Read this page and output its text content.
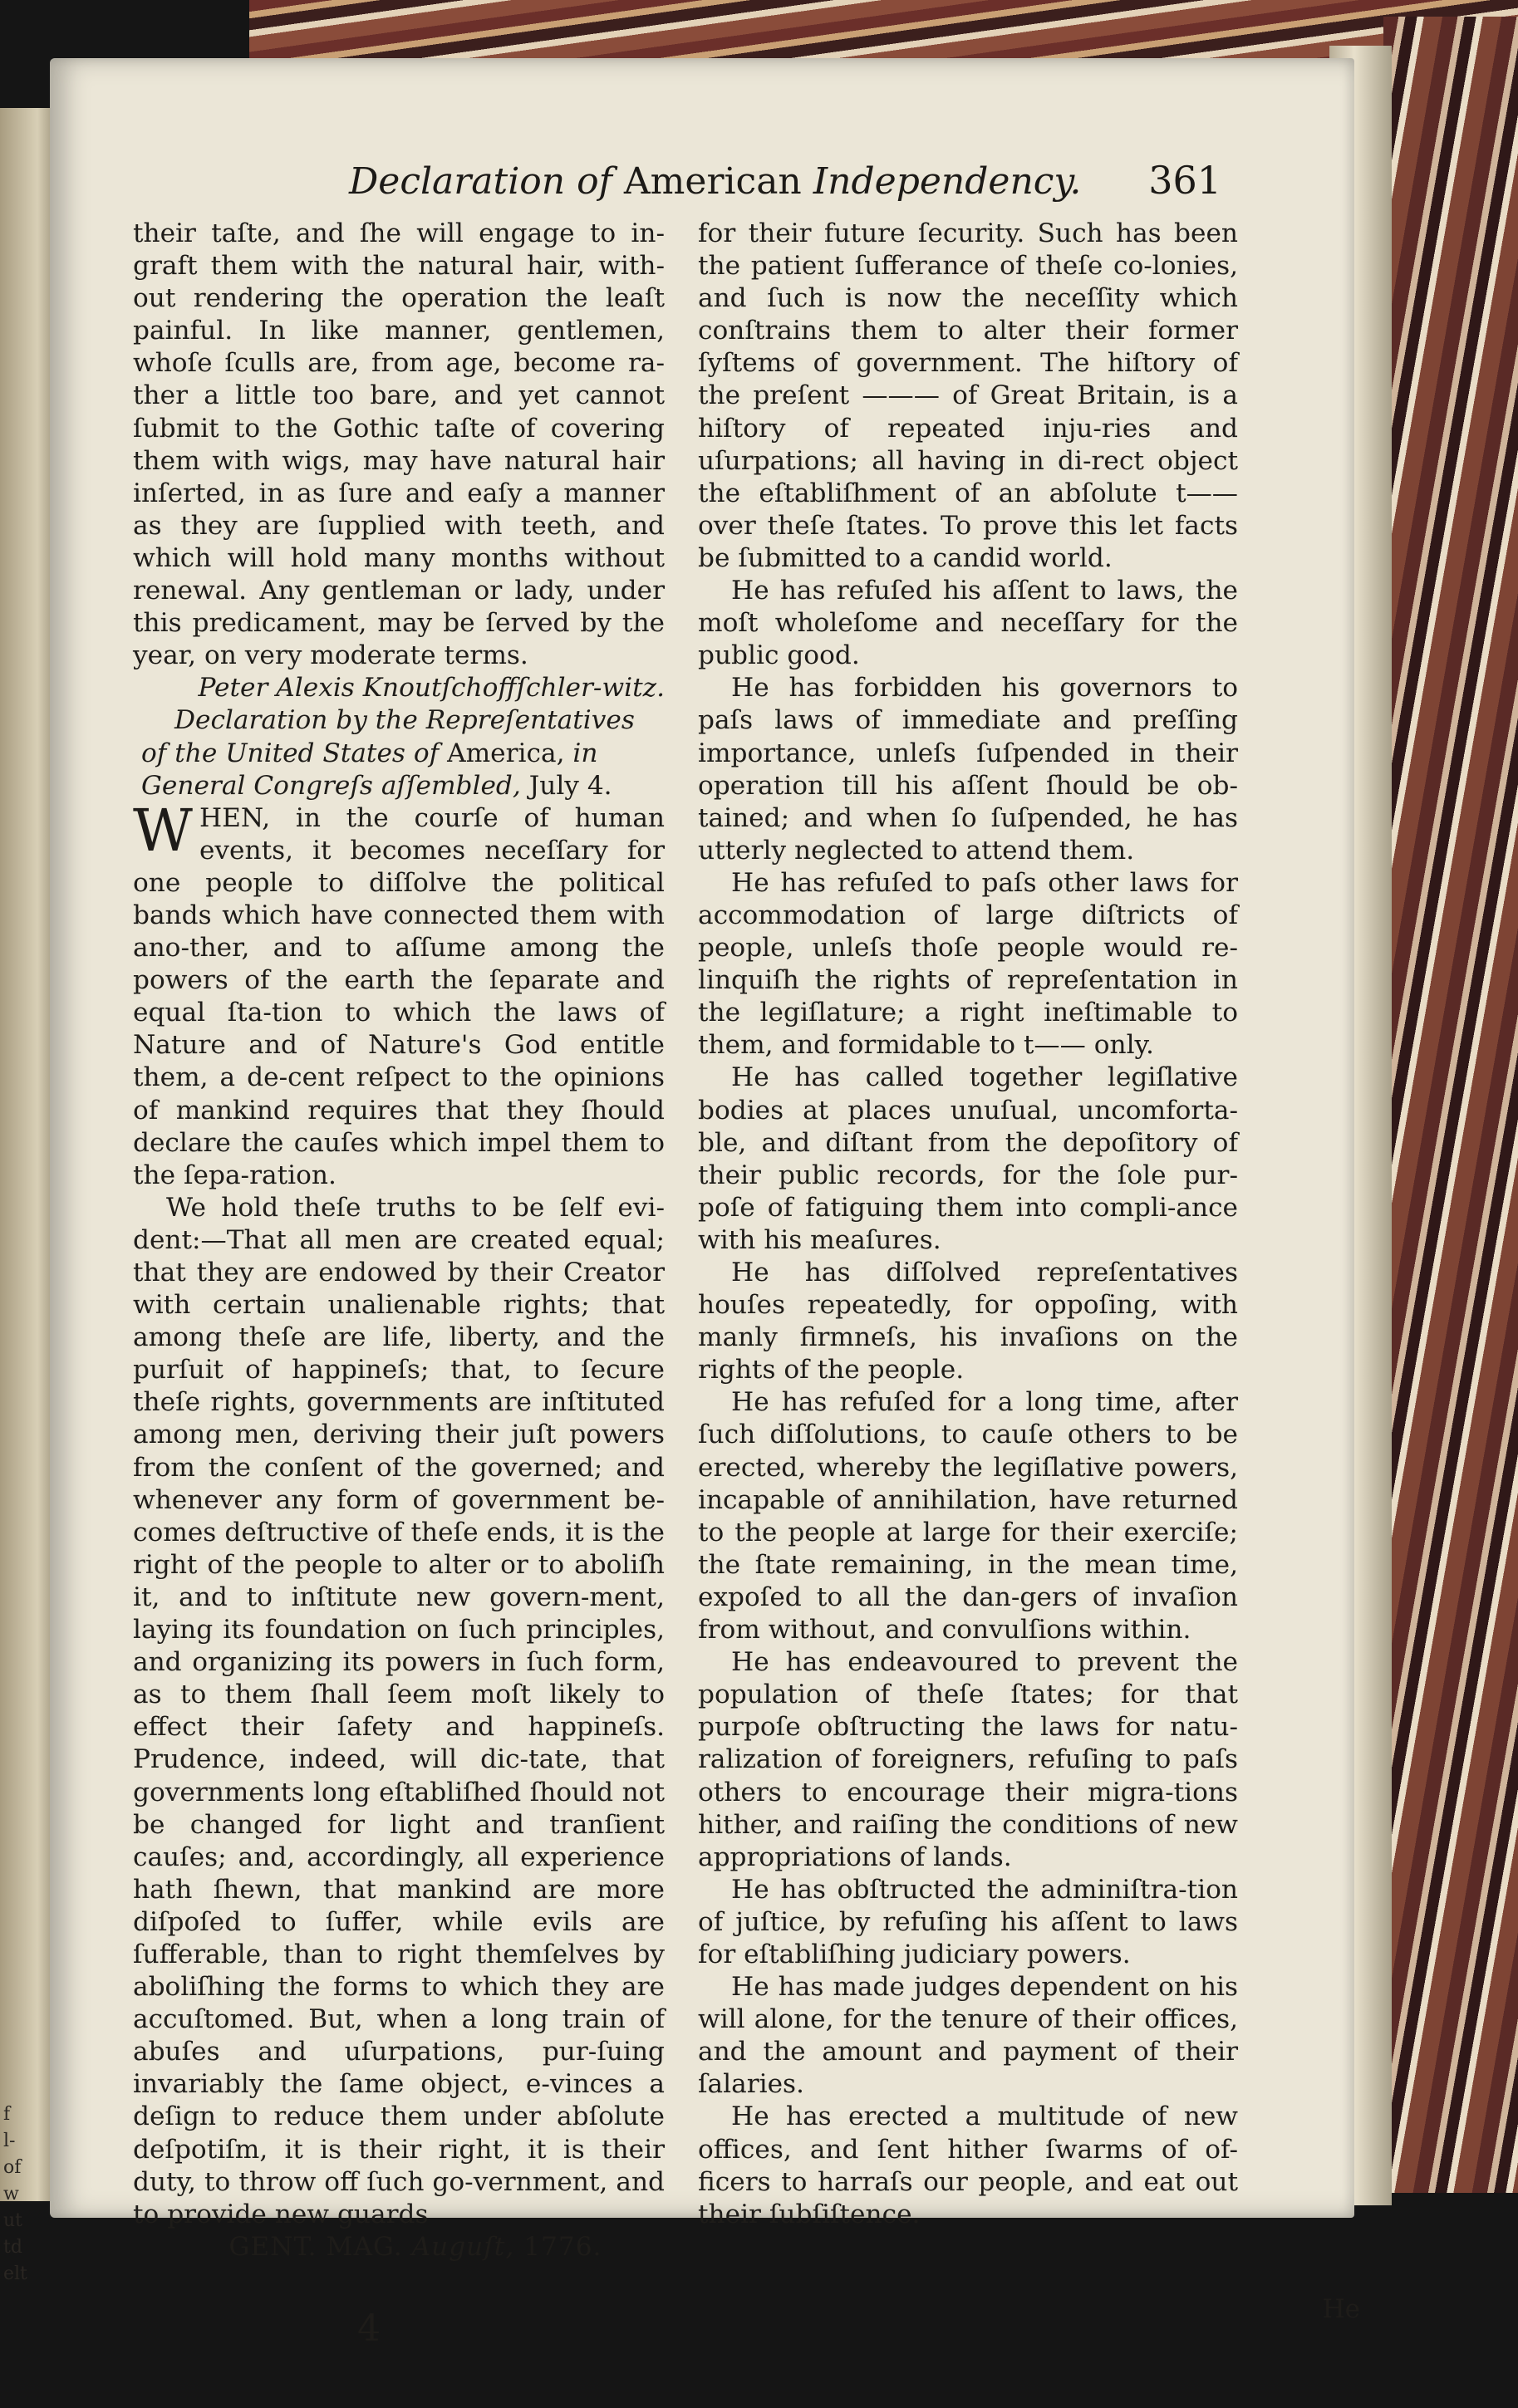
f
l-
of
w
ut
td
elt
Declaration of American Independency. 361

their taſte, and ſhe will engage to in-graft them with the natural hair, with-out rendering the operation the leaſt painful. In like manner, gentlemen, whoſe ſculls are, from age, become ra-ther a little too bare, and yet cannot ſubmit to the Gothic taſte of covering them with wigs, may have natural hair inſerted, in as ſure and eaſy a manner as they are ſupplied with teeth, and which will hold many months without renewal. Any gentleman or lady, under this predicament, may be ſerved by the year, on very moderate terms.

Peter Alexis Knoutſchoffſchler-witz.

Declaration by the Repreſentatives of the United States of America, in General Congreſs aſſembled, July 4.

WHEN, in the courſe of human events, it becomes neceſſary for one people to diſſolve the political bands which have connected them with ano-ther, and to aſſume among the powers of the earth the ſeparate and equal ſta-tion to which the laws of Nature and of Nature's God entitle them, a de-cent reſpect to the opinions of mankind requires that they ſhould declare the cauſes which impel them to the ſepa-ration.

We hold theſe truths to be ſelf evi-dent:—That all men are created equal; that they are endowed by their Creator with certain unalienable rights; that among theſe are life, liberty, and the purſuit of happineſs; that, to ſecure theſe rights, governments are inſtituted among men, deriving their juſt powers from the conſent of the governed; and whenever any form of government be-comes deſtructive of theſe ends, it is the right of the people to alter or to aboliſh it, and to inſtitute new govern-ment, laying its foundation on ſuch principles, and organizing its powers in ſuch form, as to them ſhall ſeem moſt likely to effect their ſafety and happineſs. Prudence, indeed, will dic-tate, that governments long eſtabliſhed ſhould not be changed for light and tranſient cauſes; and, accordingly, all experience hath ſhewn, that mankind are more diſpoſed to ſuffer, while evils are ſufferable, than to right themſelves by aboliſhing the forms to which they are accuſtomed. But, when a long train of abuſes and uſurpations, pur-ſuing invariably the ſame object, e-vinces a deſign to reduce them under abſolute deſpotiſm, it is their right, it is their duty, to throw off ſuch go-vernment, and to provide new guards

GENT. MAG. Auguſt, 1776.

for their future ſecurity. Such has been the patient ſufferance of theſe co-lonies, and ſuch is now the neceſſity which conſtrains them to alter their former ſyſtems of government. The hiſtory of the preſent ——— of Great Britain, is a hiſtory of repeated inju-ries and uſurpations; all having in di-rect object the eſtabliſhment of an abſolute t—— over theſe ſtates. To prove this let facts be ſubmitted to a candid world.

He has refuſed his aſſent to laws, the moſt wholeſome and neceſſary for the public good.

He has forbidden his governors to paſs laws of immediate and preſſing importance, unleſs ſuſpended in their operation till his aſſent ſhould be ob-tained; and when ſo ſuſpended, he has utterly neglected to attend them.

He has refuſed to paſs other laws for accommodation of large diſtricts of people, unleſs thoſe people would re-linquiſh the rights of repreſentation in the legiſlature; a right ineſtimable to them, and formidable to t—— only.

He has called together legiſlative bodies at places unuſual, uncomforta-ble, and diſtant from the depoſitory of their public records, for the ſole pur-poſe of fatiguing them into compli-ance with his meaſures.

He has diſſolved repreſentatives houſes repeatedly, for oppoſing, with manly firmneſs, his invaſions on the rights of the people.

He has refuſed for a long time, after ſuch diſſolutions, to cauſe others to be erected, whereby the legiſlative powers, incapable of annihilation, have returned to the people at large for their exerciſe; the ſtate remaining, in the mean time, expoſed to all the dan-gers of invaſion from without, and convulſions within.

He has endeavoured to prevent the population of theſe ſtates; for that purpoſe obſtructing the laws for natu-ralization of foreigners, refuſing to paſs others to encourage their migra-tions hither, and raiſing the conditions of new appropriations of lands.

He has obſtructed the adminiſtra-tion of juſtice, by refuſing his aſſent to laws for eſtabliſhing judiciary powers.

He has made judges dependent on his will alone, for the tenure of their offices, and the amount and payment of their ſalaries.

He has erected a multitude of new offices, and ſent hither ſwarms of of-ficers to harraſs our people, and eat out their ſubſiſtence.

He
4
